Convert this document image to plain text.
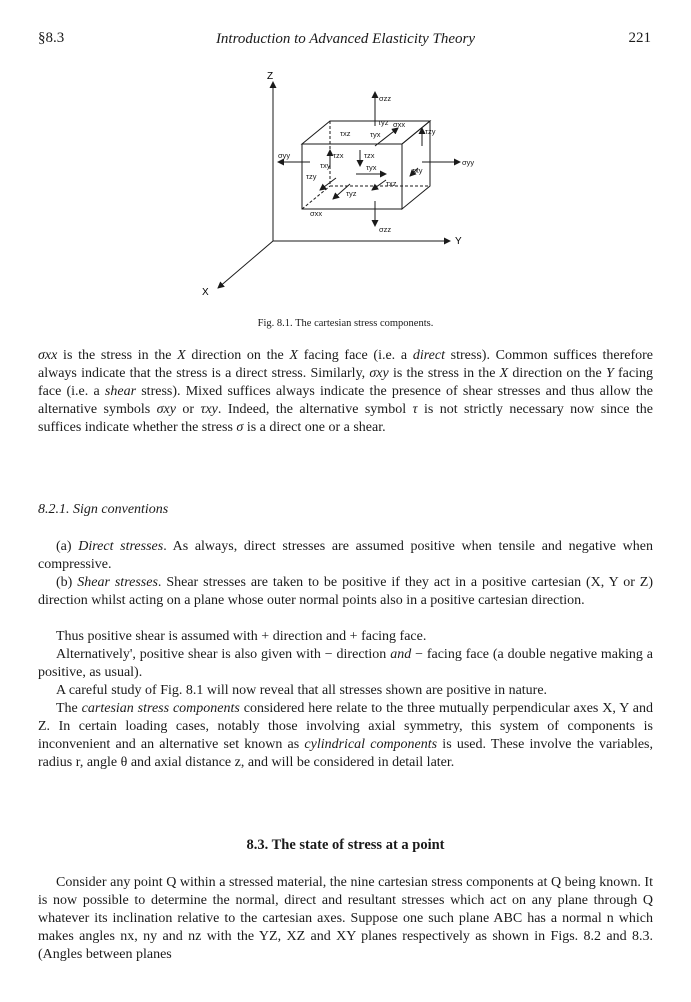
§8.3	Introduction to Advanced Elasticity Theory	221
Z
Y
X
σzz
σzz
σyy
σyy
σxx
σxx
τxz
τyz
τyx	τzy
τzx	τzx
τxy	τyx	τxy
τzy
τxz
τyz
Fig. 8.1. The cartesian stress components.

σxx is the stress in the X direction on the X facing face (i.e. a direct stress). Common suffices therefore always indicate that the stress is a direct stress. Similarly, σxy is the stress in the X direction on the Y facing face (i.e. a shear stress). Mixed suffices always indicate the presence of shear stresses and thus allow the alternative symbols σxy or τxy. Indeed, the alternative symbol τ is not strictly necessary now since the suffices indicate whether the stress σ is a direct one or a shear.

8.2.1. Sign conventions

(a) Direct stresses. As always, direct stresses are assumed positive when tensile and negative when compressive.

(b) Shear stresses. Shear stresses are taken to be positive if they act in a positive cartesian (X, Y or Z) direction whilst acting on a plane whose outer normal points also in a positive cartesian direction.

Thus positive shear is assumed with + direction and + facing face.

Alternatively', positive shear is also given with − direction and − facing face (a double negative making a positive, as usual).

A careful study of Fig. 8.1 will now reveal that all stresses shown are positive in nature.

The cartesian stress components considered here relate to the three mutually perpendicular axes X, Y and Z. In certain loading cases, notably those involving axial symmetry, this system of components is inconvenient and an alternative set known as cylindrical components is used. These involve the variables, radius r, angle θ and axial distance z, and will be considered in detail later.

8.3. The state of stress at a point

Consider any point Q within a stressed material, the nine cartesian stress components at Q being known. It is now possible to determine the normal, direct and resultant stresses which act on any plane through Q whatever its inclination relative to the cartesian axes. Suppose one such plane ABC has a normal n which makes angles nx, ny and nz with the YZ, XZ and XY planes respectively as shown in Figs. 8.2 and 8.3. (Angles between planes
